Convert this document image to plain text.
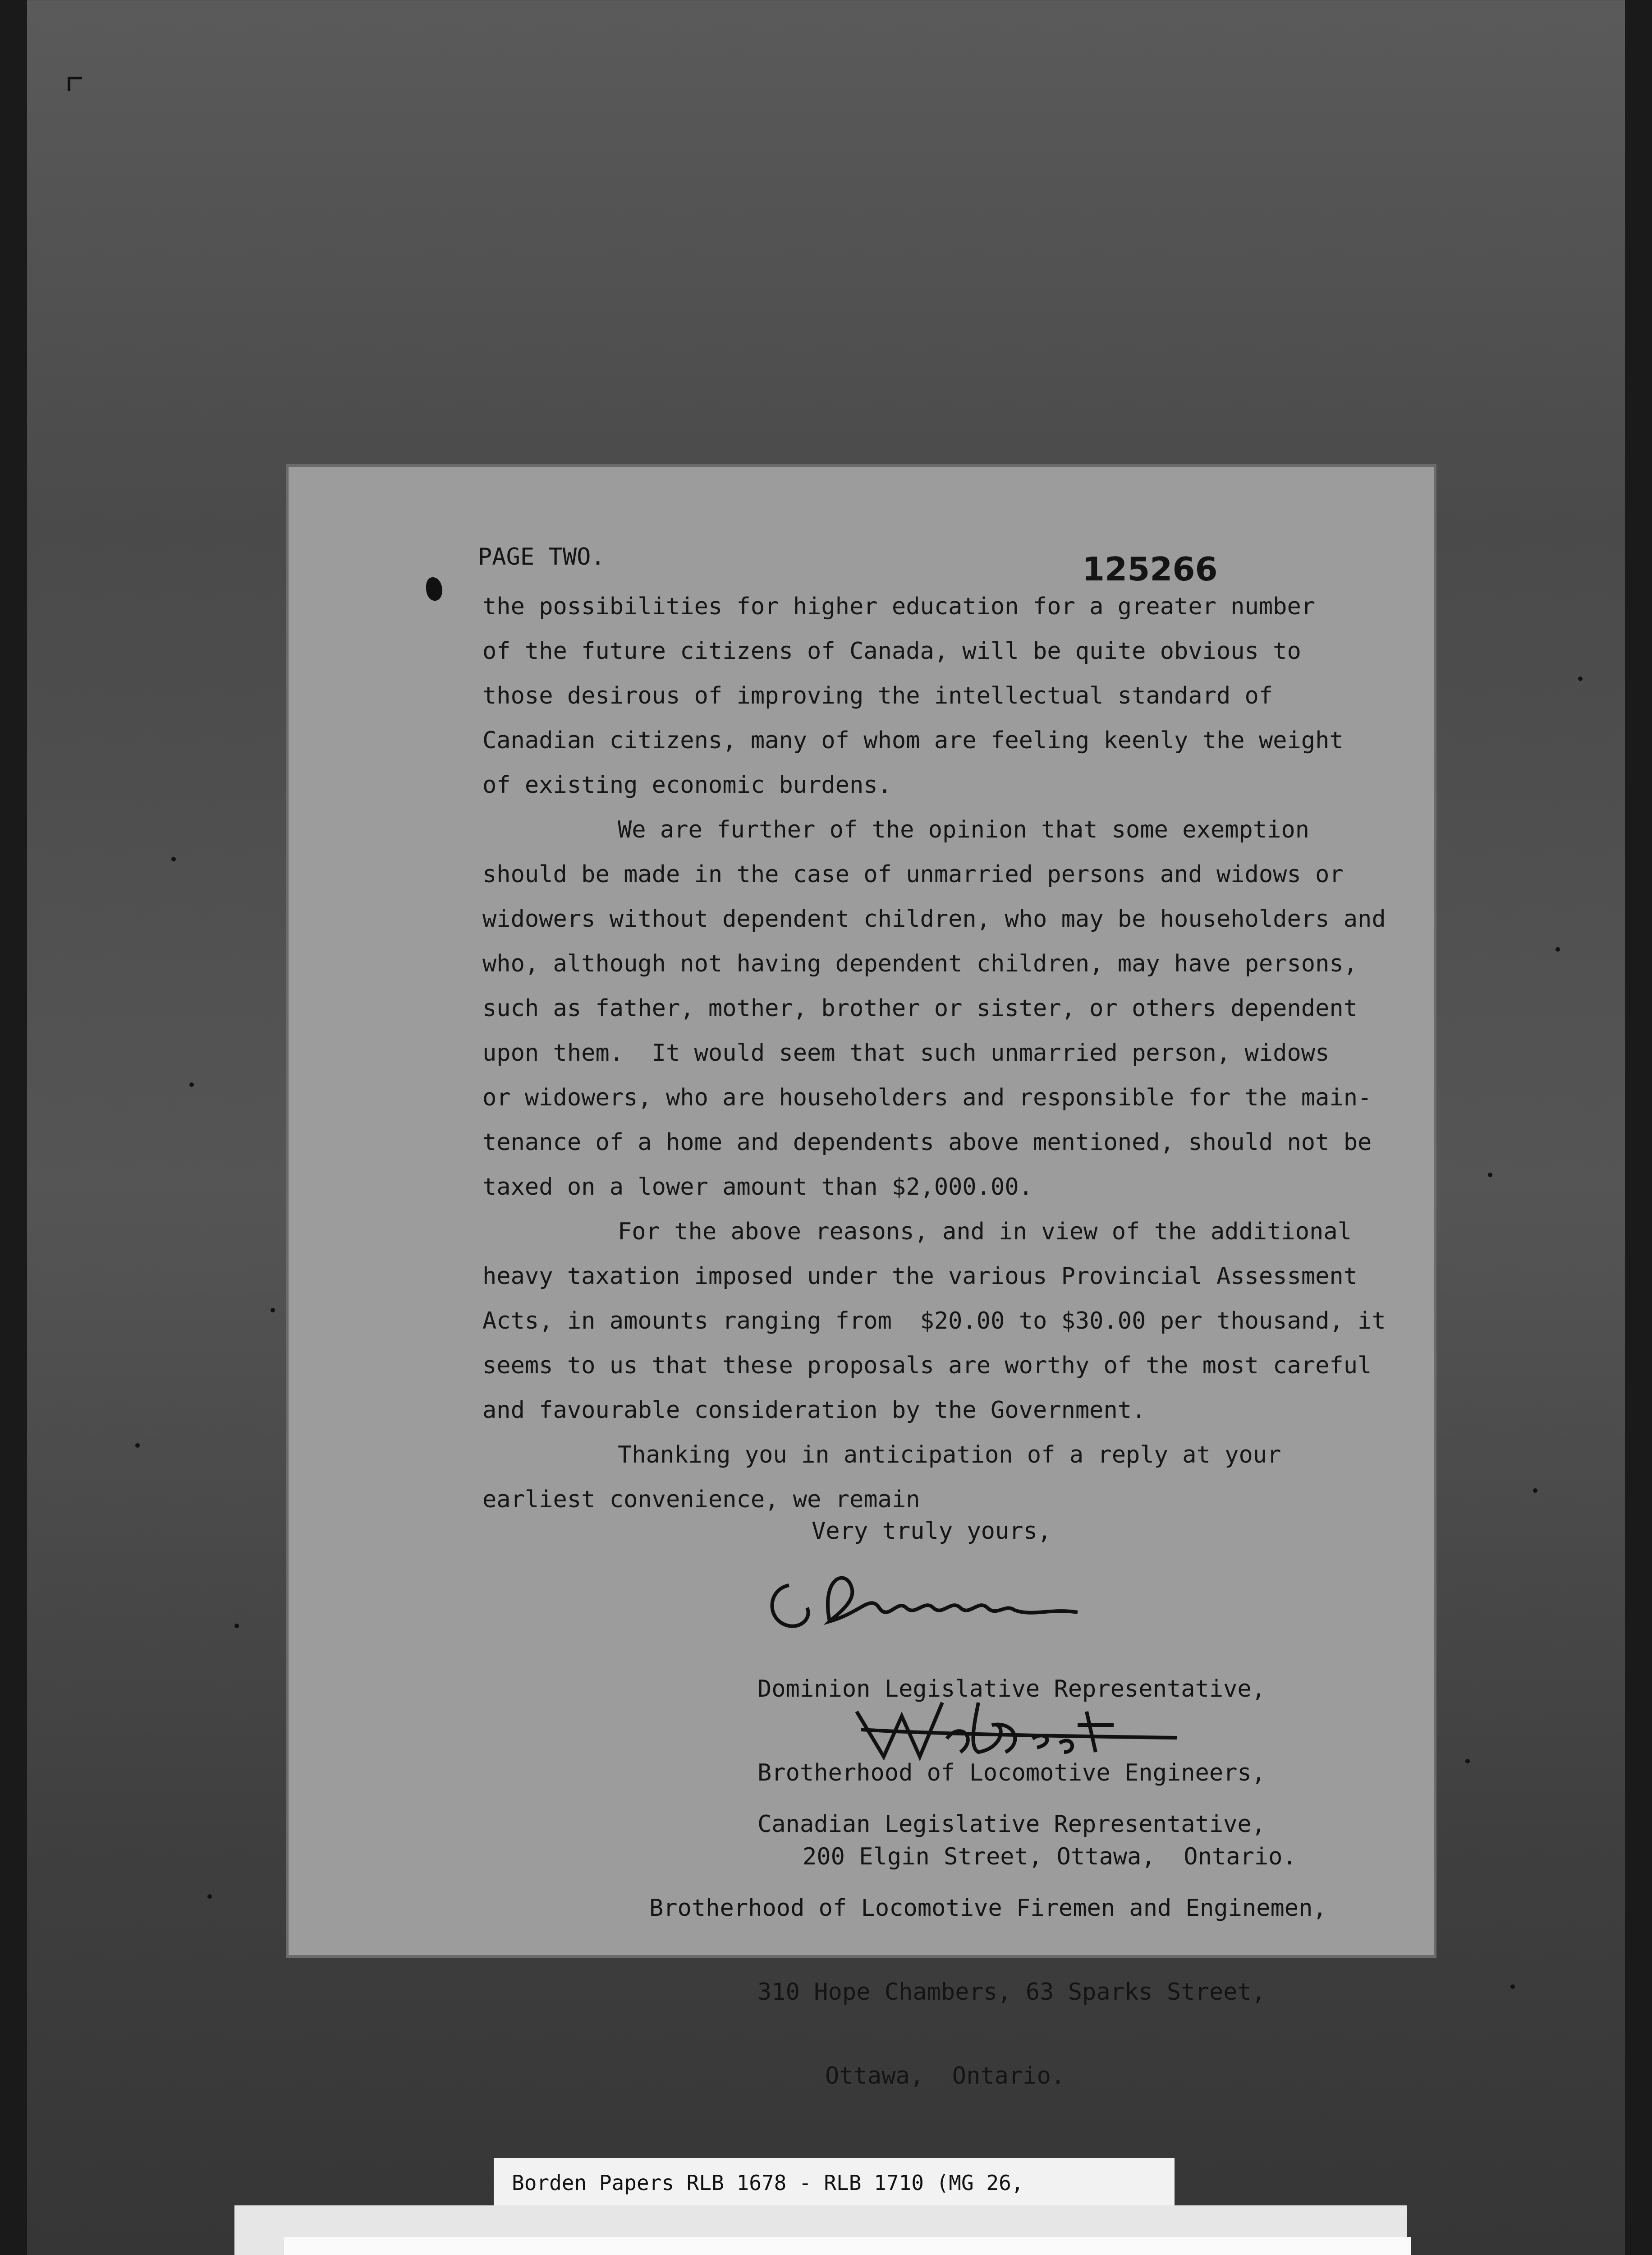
PAGE TWO.	125266
the possibilities for higher education for a greater number
of the future citizens of Canada, will be quite obvious to
those desirous of improving the intellectual standard of
Canadian citizens, many of whom are feeling keenly the weight
of existing economic burdens.
We are further of the opinion that some exemption
should be made in the case of unmarried persons and widows or
widowers without dependent children, who may be householders and
who, although not having dependent children, may have persons,
such as father, mother, brother or sister, or others dependent
upon them.  It would seem that such unmarried person, widows
or widowers, who are householders and responsible for the main-
tenance of a home and dependents above mentioned, should not be
taxed on a lower amount than $2,000.00.
For the above reasons, and in view of the additional
heavy taxation imposed under the various Provincial Assessment
Acts, in amounts ranging from  $20.00 to $30.00 per thousand, it
seems to us that these proposals are worthy of the most careful
and favourable consideration by the Government.
Thanking you in anticipation of a reply at your
earliest convenience, we remain
Very truly yours,

Dominion Legislative Representative,

Brotherhood of Locomotive Engineers,

200 Elgin Street, Ottawa,  Ontario.

Canadian Legislative Representative,

Brotherhood of Locomotive Firemen and Enginemen,

310 Hope Chambers, 63 Sparks Street,

Ottawa,  Ontario.

Borden Papers RLB 1678 - RLB 1710 (MG 26,
